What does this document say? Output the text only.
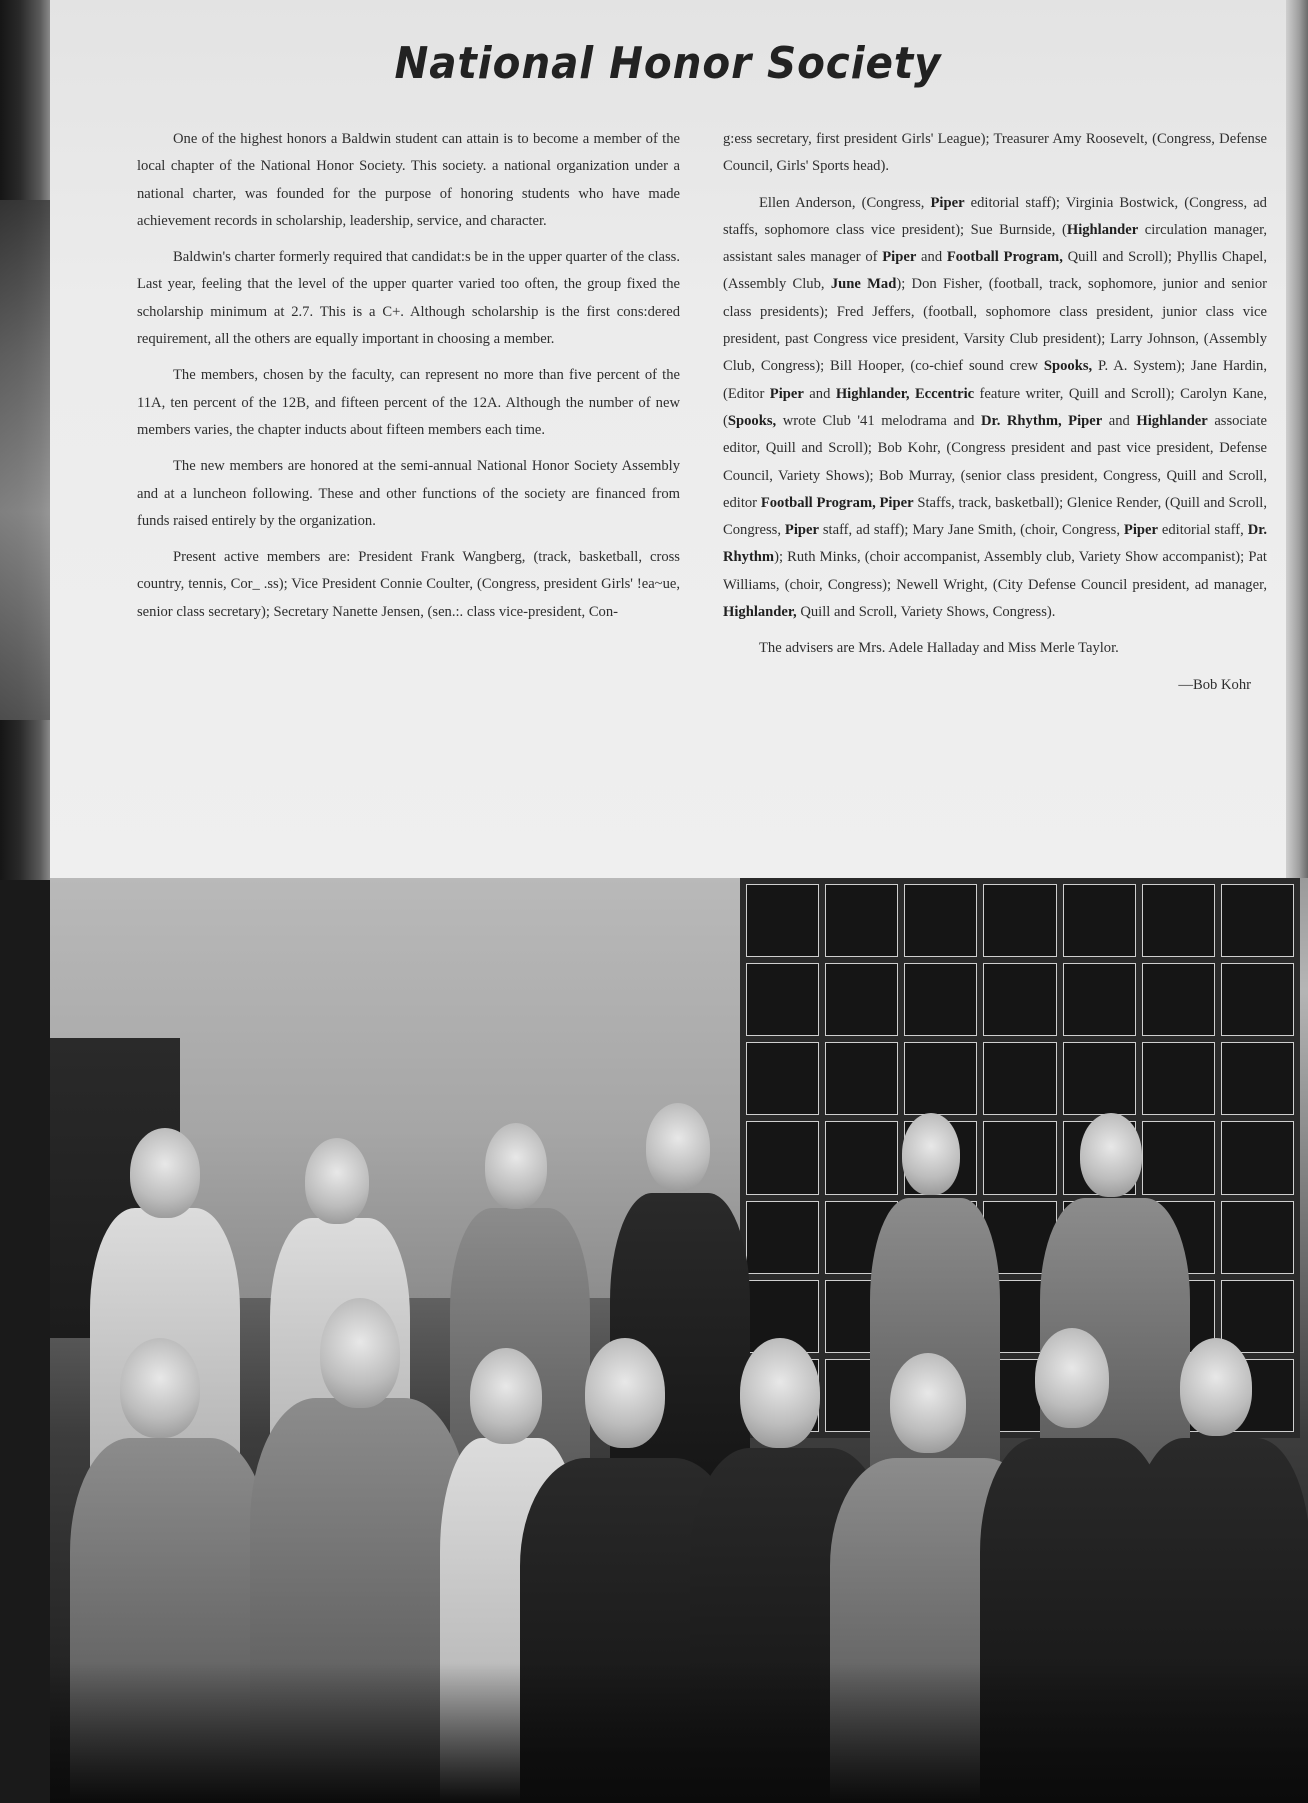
National Honor Society

One of the highest honors a Baldwin student can attain is to become a member of the local chapter of the National Honor Society. This society. a national organization under a national charter, was founded for the purpose of honoring students who have made achievement records in scholarship, leadership, service, and character.

Baldwin's charter formerly required that candidat:s be in the upper quarter of the class. Last year, feeling that the level of the upper quarter varied too often, the group fixed the scholarship minimum at 2.7. This is a C+. Although scholarship is the first cons:dered requirement, all the others are equally important in choosing a member.

The members, chosen by the faculty, can represent no more than five percent of the 11A, ten percent of the 12B, and fifteen percent of the 12A. Although the number of new members varies, the chapter inducts about fifteen members each time.

The new members are honored at the semi-annual National Honor Society Assembly and at a luncheon following. These and other functions of the society are financed from funds raised entirely by the organization.

Present active members are: President Frank Wangberg, (track, basketball, cross country, tennis, Cor_ .ss); Vice President Connie Coulter, (Congress, president Girls' !ea~ue, senior class secretary); Secretary Nanette Jensen, (sen.:. class vice-president, Con-

g:ess secretary, first president Girls' League); Treasurer Amy Roosevelt, (Congress, Defense Council, Girls' Sports head).

Ellen Anderson, (Congress, Piper editorial staff); Virginia Bostwick, (Congress, ad staffs, sophomore class vice president); Sue Burnside, (Highlander circulation manager, assistant sales manager of Piper and Football Program, Quill and Scroll); Phyllis Chapel, (Assembly Club, June Mad); Don Fisher, (football, track, sophomore, junior and senior class presidents); Fred Jeffers, (football, sophomore class president, junior class vice president, past Congress vice president, Varsity Club president); Larry Johnson, (Assembly Club, Congress); Bill Hooper, (co-chief sound crew Spooks, P. A. System); Jane Hardin, (Editor Piper and Highlander, Eccentric feature writer, Quill and Scroll); Carolyn Kane, (Spooks, wrote Club '41 melodrama and Dr. Rhythm, Piper and Highlander associate editor, Quill and Scroll); Bob Kohr, (Congress president and past vice president, Defense Council, Variety Shows); Bob Murray, (senior class president, Congress, Quill and Scroll, editor Football Program, Piper Staffs, track, basketball); Glenice Render, (Quill and Scroll, Congress, Piper staff, ad staff); Mary Jane Smith, (choir, Congress, Piper editorial staff, Dr. Rhythm); Ruth Minks, (choir accompanist, Assembly club, Variety Show accompanist); Pat Williams, (choir, Congress); Newell Wright, (City Defense Council president, ad manager, Highlander, Quill and Scroll, Variety Shows, Congress).

The advisers are Mrs. Adele Halladay and Miss Merle Taylor.

—Bob Kohr
